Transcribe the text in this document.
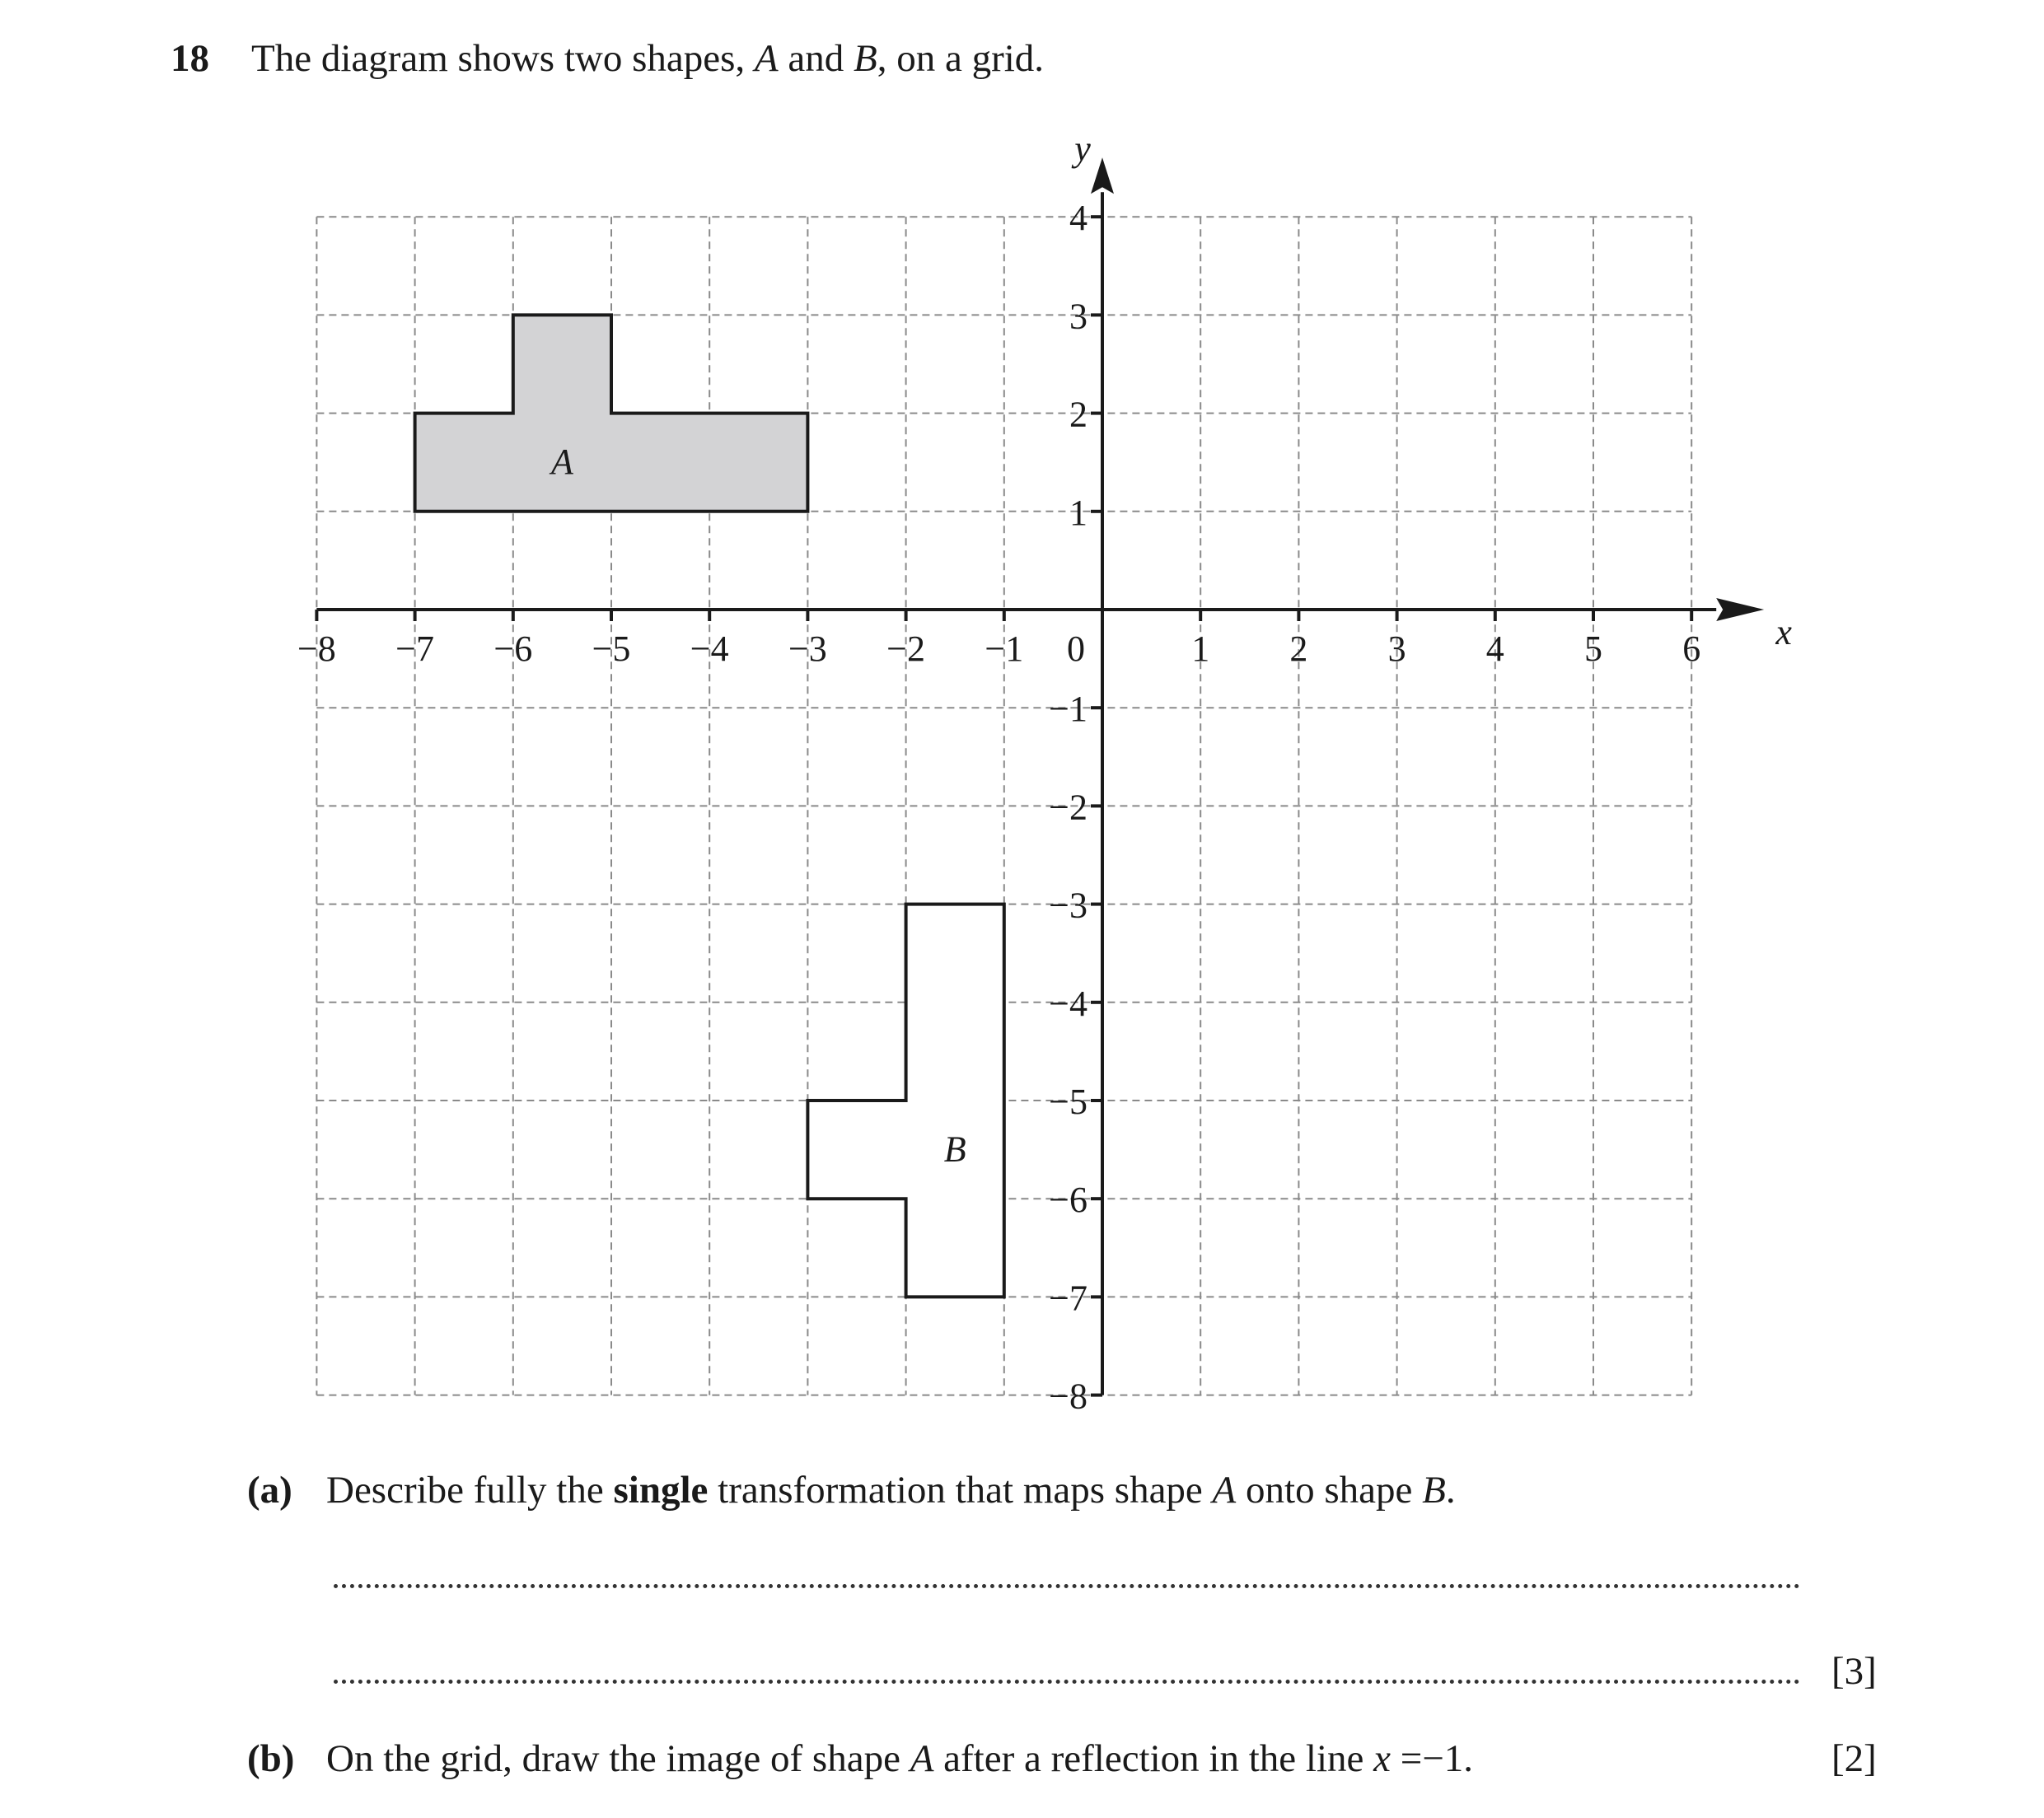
18 The diagram shows two shapes, A and B, on a grid.
−8 −7 −6 −5 −4 −3 −2 −1 0	1 2 3 4 5 6
−8
−7
−6
−5
−4
−3
−2
−1
1
2
3
4
x
y
A
B
(a) Describe fully the single transformation that maps shape A onto shape B.
[3]
(b) On the grid, draw the image of shape A after a reflection in the line x =−1.	[2]
